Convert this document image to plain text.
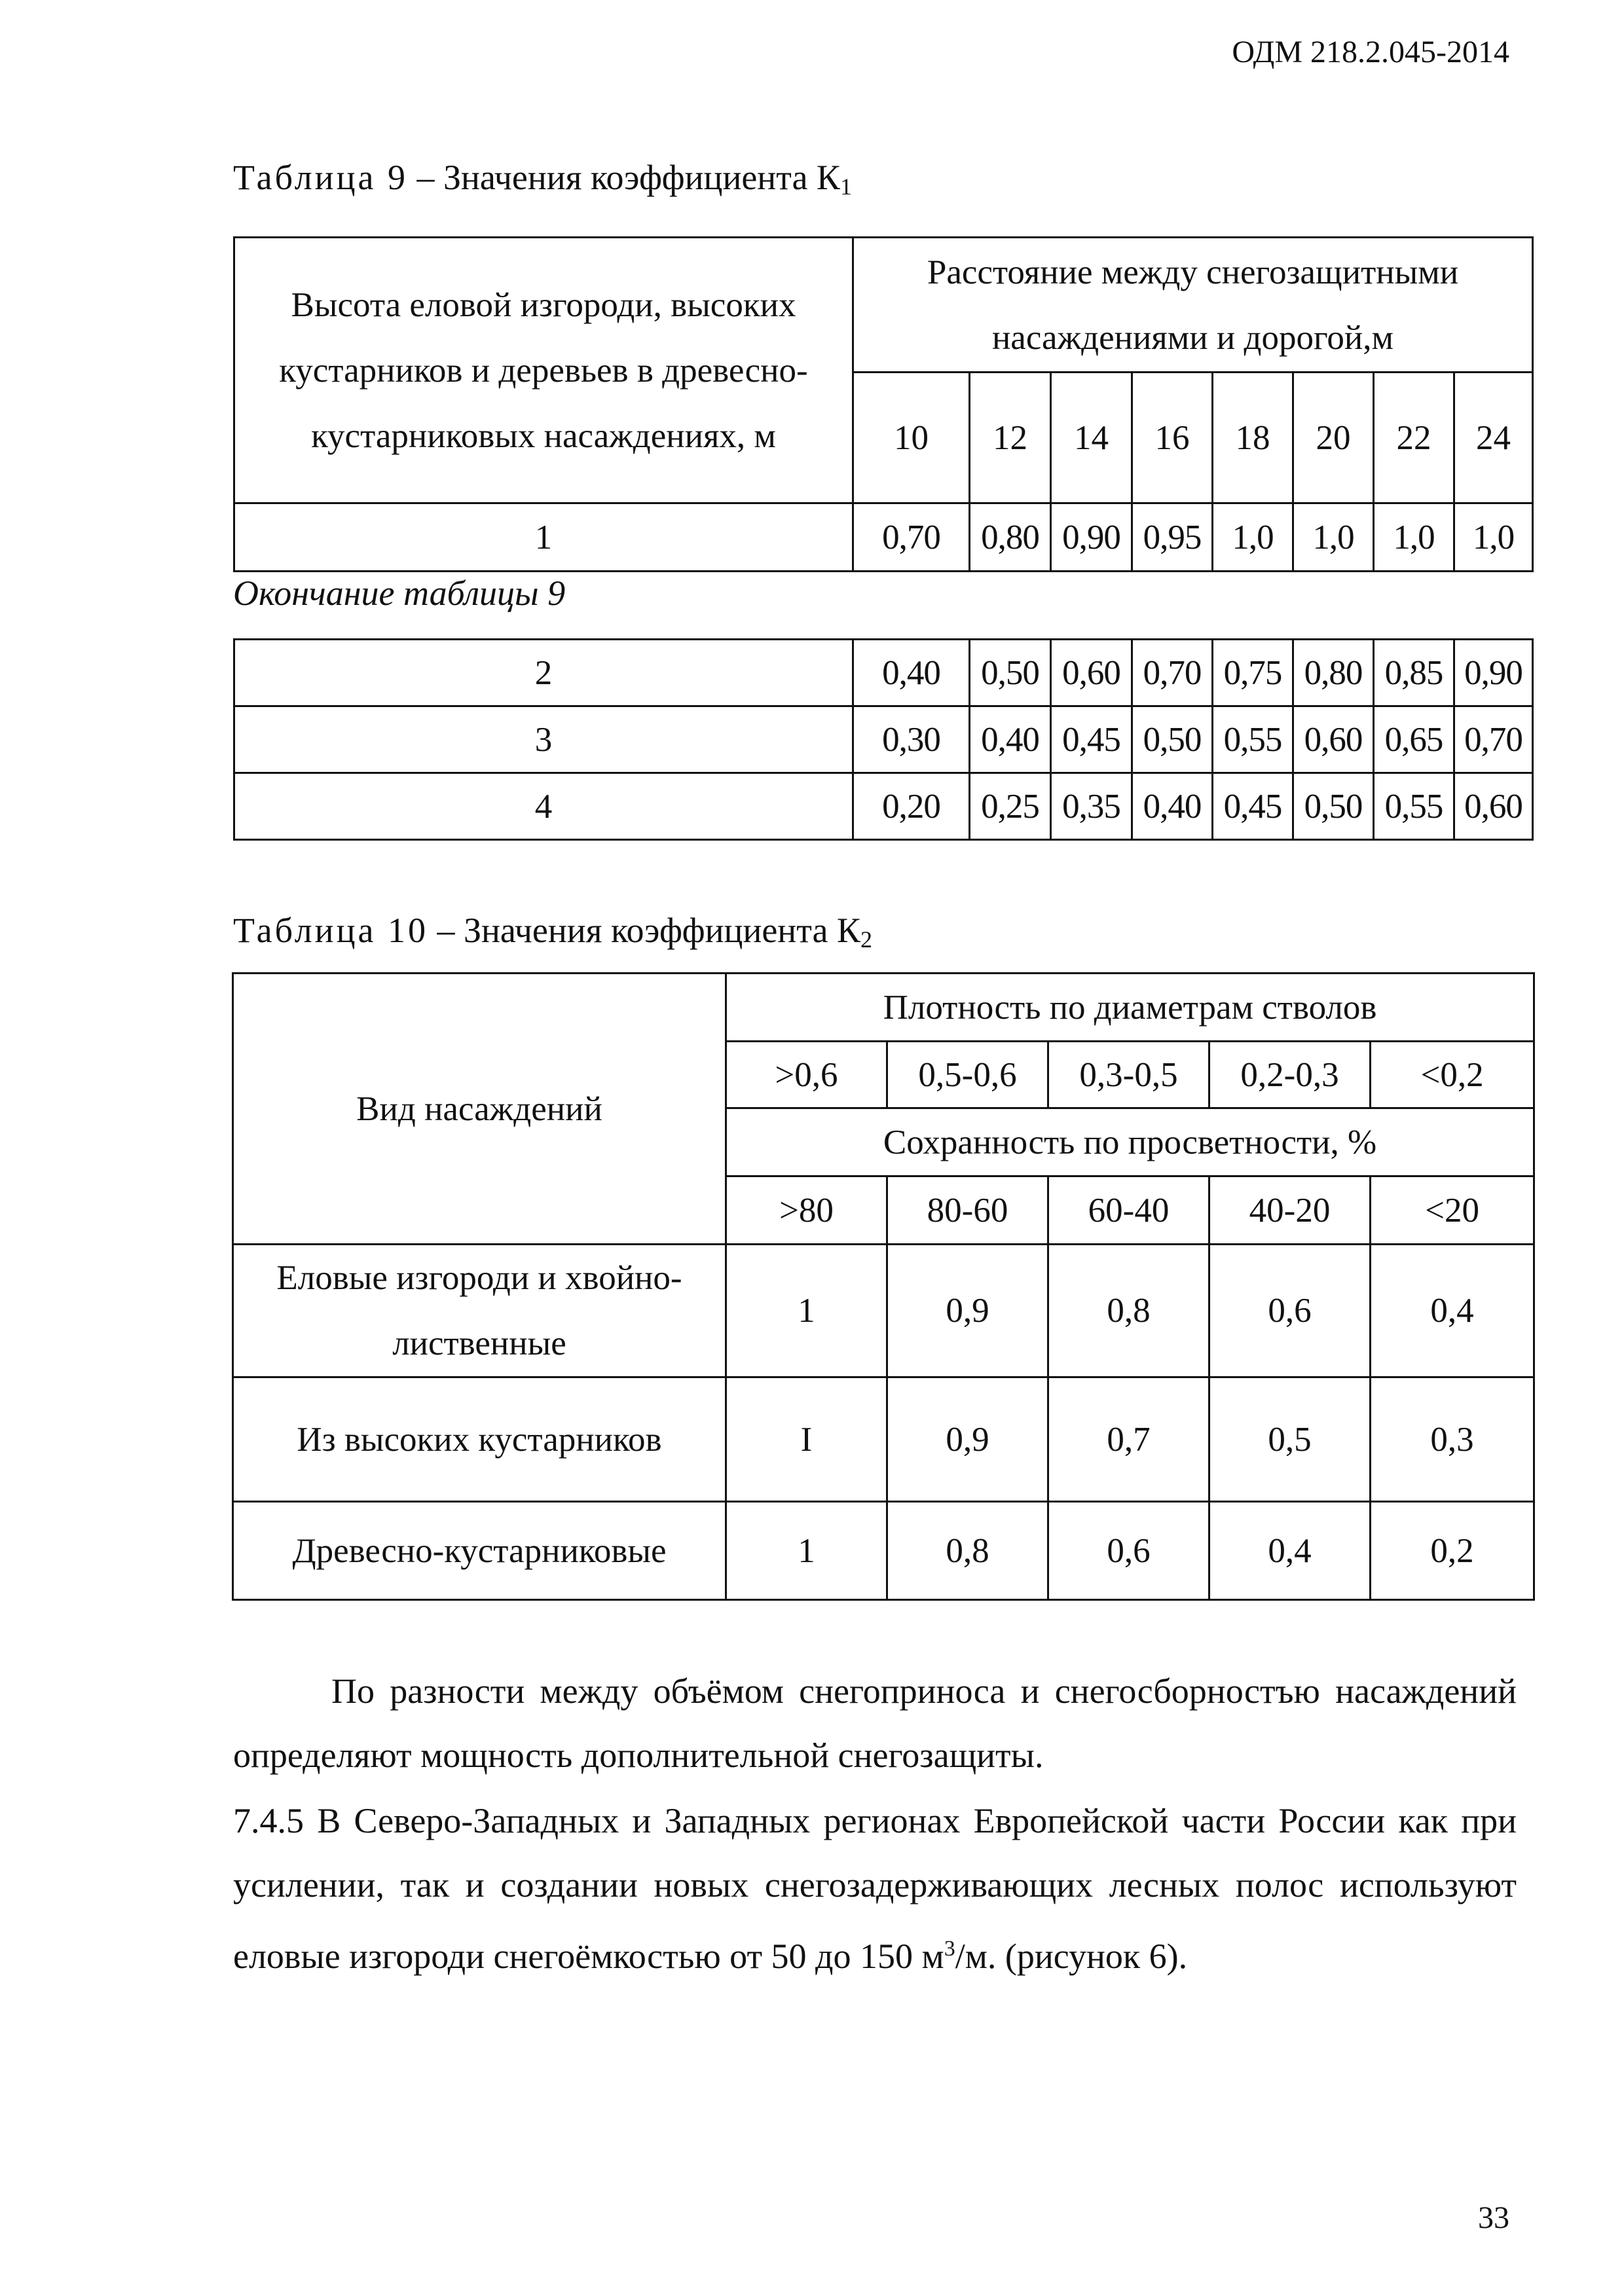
ОДМ 218.2.045-2014
Таблица 9 – Значения коэффициента $К_1$
Высота еловой изгороди, высоких кустарников и деревьев в древесно-кустарниковых насаждениях, м	Расстояние между снегозащитными насаждениями и дорогой,м							
	10	12	14	16	18	20	22	24
1	0,70	0,80	0,90	0,95	1,0	1,0	1,0	1,0
Окончание таблицы 9
2	0,40	0,50	0,60	0,70	0,75	0,80	0,85	0,90
3	0,30	0,40	0,45	0,50	0,55	0,60	0,65	0,70
4	0,20	0,25	0,35	0,40	0,45	0,50	0,55	0,60
Таблица 10 – Значения коэффициента $К_2$
Вид насаждений	Плотность по диаметрам стволов				
	>0,6	0,5-0,6	0,3-0,5	0,2-0,3	<0,2
	Сохранность по просветности, %				
	>80	80-60	60-40	40-20	<20
Еловые изгороди и хвойно-лиственные	1	0,9	0,8	0,6	0,4
Из высоких кустарников	I	0,9	0,7	0,5	0,3
Древесно-кустарниковые	1	0,8	0,6	0,4	0,2
По разности между объёмом снегоприноса и снегосборностъю насаждений определяют мощность дополнительной снегозащиты.
7.4.5 В Северо-Западных и Западных регионах Европейской части России как при усилении, так и создании новых снегозадерживающих лесных полос используют еловые изгороди снегоёмкостью от 50 до 150 $м^3/м$. (рисунок 6).
33
